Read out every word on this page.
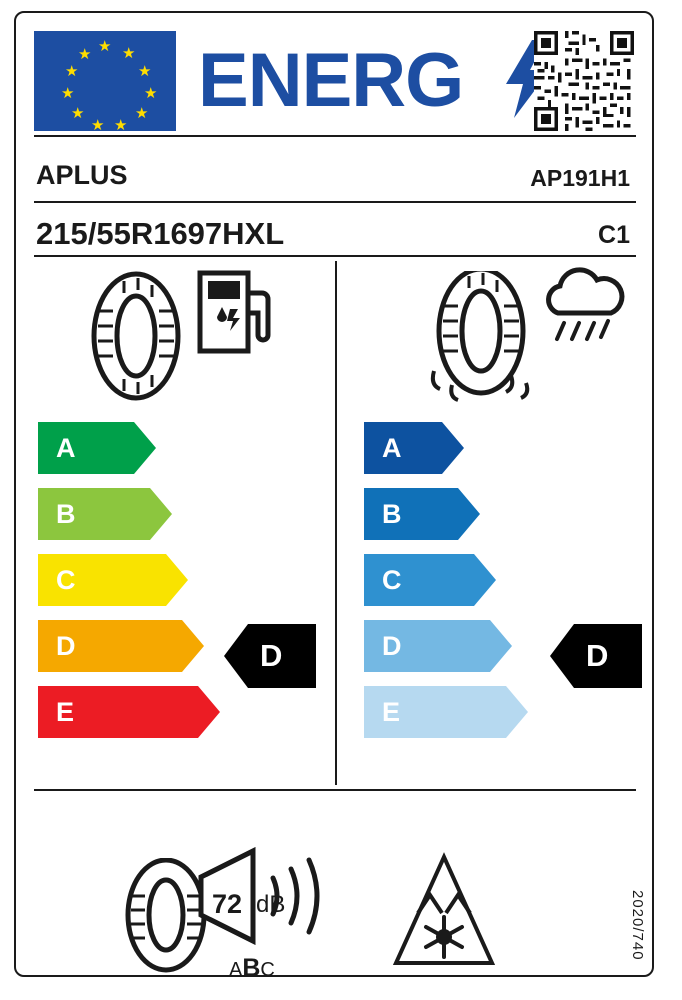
★ ★
★
★
★
★
★
★
★
★
★ ENERG
APLUS	AP191H1
215/55R1697HXL	C1
A
B
C
D
E
D
A
B
C
D
E
D
72 dB
ABC
2020/740
